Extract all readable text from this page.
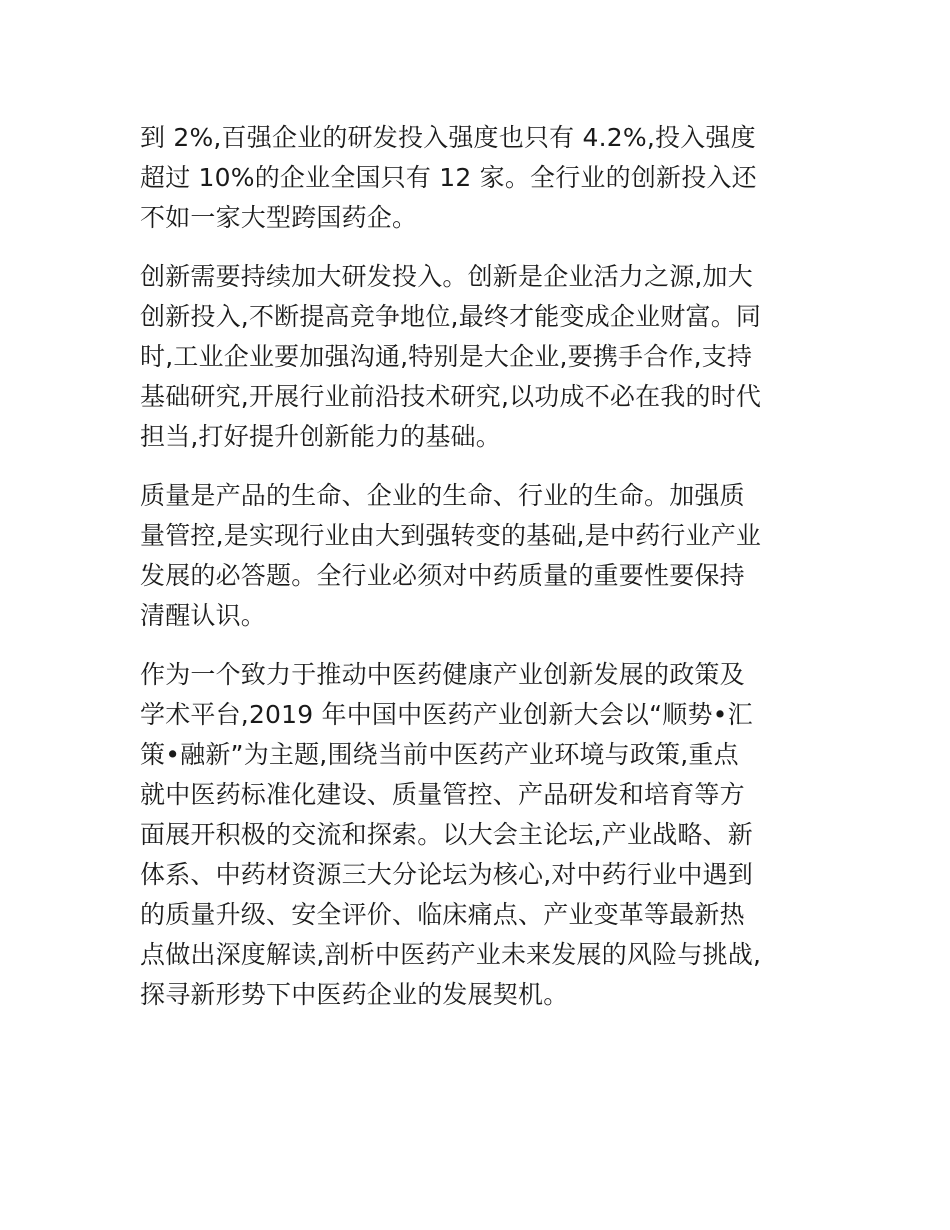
到 2%,百强企业的研发投入强度也只有 4.2%,投入强度
超过 10%的企业全国只有 12 家。全行业的创新投入还
不如一家大型跨国药企。

创新需要持续加大研发投入。创新是企业活力之源,加大
创新投入,不断提高竞争地位,最终才能变成企业财富。同
时,工业企业要加强沟通,特别是大企业,要携手合作,支持
基础研究,开展行业前沿技术研究,以功成不必在我的时代
担当,打好提升创新能力的基础。

质量是产品的生命、企业的生命、行业的生命。加强质
量管控,是实现行业由大到强转变的基础,是中药行业产业
发展的必答题。全行业必须对中药质量的重要性要保持
清醒认识。

作为一个致力于推动中医药健康产业创新发展的政策及
学术平台,2019 年中国中医药产业创新大会以“顺势•汇
策•融新”为主题,围绕当前中医药产业环境与政策,重点
就中医药标准化建设、质量管控、产品研发和培育等方
面展开积极的交流和探索。以大会主论坛,产业战略、新
体系、中药材资源三大分论坛为核心,对中药行业中遇到
的质量升级、安全评价、临床痛点、产业变革等最新热
点做出深度解读,剖析中医药产业未来发展的风险与挑战,
探寻新形势下中医药企业的发展契机。
